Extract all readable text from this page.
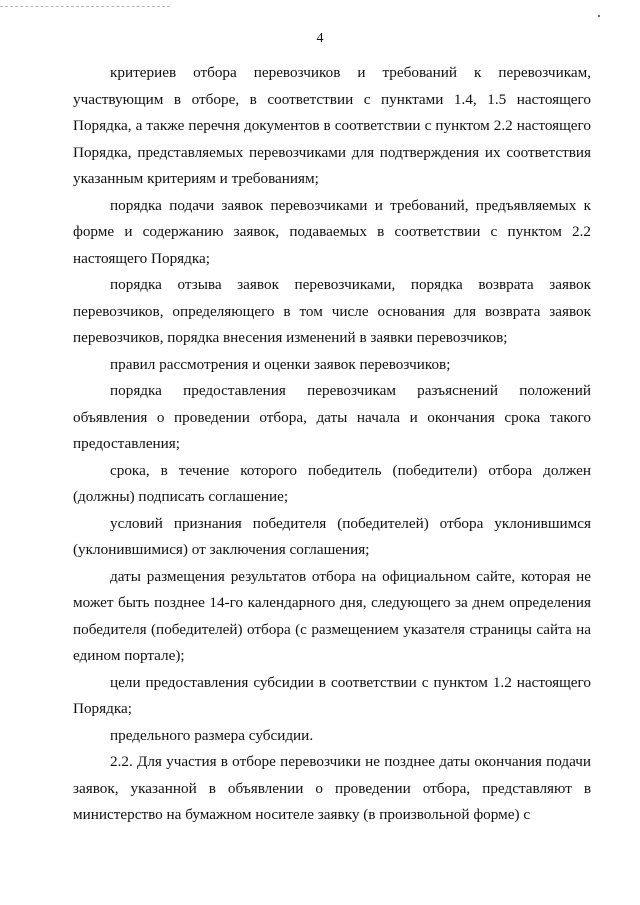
4

критериев отбора перевозчиков и требований к перевозчикам, участвующим в отборе, в соответствии с пунктами 1.4, 1.5 настоящего Порядка, а также перечня документов в соответствии с пунктом 2.2 настоящего Порядка, представляемых перевозчиками для подтверждения их соответствия указанным критериям и требованиям;

порядка подачи заявок перевозчиками и требований, предъявляемых к форме и содержанию заявок, подаваемых в соответствии с пунктом 2.2 настоящего Порядка;

порядка отзыва заявок перевозчиками, порядка возврата заявок перевозчиков, определяющего в том числе основания для возврата заявок перевозчиков, порядка внесения изменений в заявки перевозчиков;

правил рассмотрения и оценки заявок перевозчиков;

порядка предоставления перевозчикам разъяснений положений объявления о проведении отбора, даты начала и окончания срока такого предоставления;

срока, в течение которого победитель (победители) отбора должен (должны) подписать соглашение;

условий признания победителя (победителей) отбора уклонившимся (уклонившимися) от заключения соглашения;

даты размещения результатов отбора на официальном сайте, которая не может быть позднее 14-го календарного дня, следующего за днем определения победителя (победителей) отбора (с размещением указателя страницы сайта на едином портале);

цели предоставления субсидии в соответствии с пунктом 1.2 настоящего Порядка;

предельного размера субсидии.

2.2. Для участия в отборе перевозчики не позднее даты окончания подачи заявок, указанной в объявлении о проведении отбора, представляют в министерство на бумажном носителе заявку (в произвольной форме) с
